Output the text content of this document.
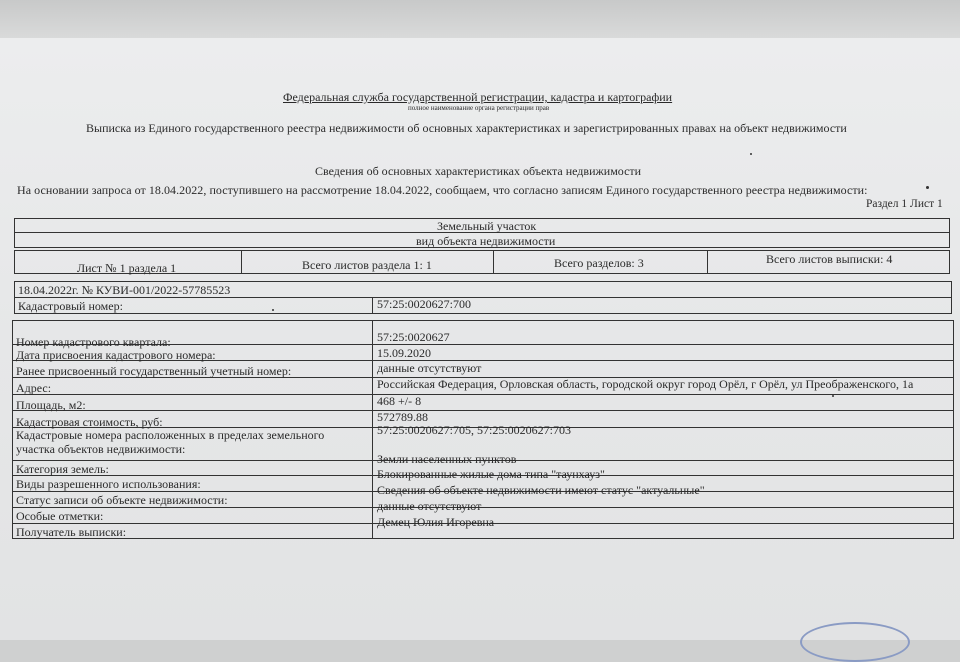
Федеральная служба государственной регистрации, кадастра и картографии
полное наименование органа регистрации прав
Выписка из Единого государственного реестра недвижимости об основных характеристиках и зарегистрированных правах на объект недвижимости
Сведения об основных характеристиках объекта недвижимости
На основании запроса от 18.04.2022, поступившего на рассмотрение 18.04.2022, сообщаем, что согласно записям Единого государственного реестра недвижимости:
Раздел 1 Лист 1
Земельный участок
вид объекта недвижимости
Лист № 1 раздела 1	Всего листов раздела 1: 1	Всего разделов: 3	Всего листов выписки: 4
18.04.2022г. № КУВИ-001/2022-57785523
Кадастровый номер:	57:25:0020627:700
Номер кадастрового квартала:	57:25:0020627
Дата присвоения кадастрового номера:	15.09.2020
Ранее присвоенный государственный учетный номер:	данные отсутствуют
Адрес:	Российская Федерация, Орловская область, городской округ город Орёл, г Орёл, ул Преображенского, 1а
Площадь, м2:	468 +/- 8
Кадастровая стоимость, руб:	572789.88
Кадастровые номера расположенных в пределах земельного
участка объектов недвижимости:
57:25:0020627:705, 57:25:0020627:703
Категория земель:
Земли населенных пунктов
Виды разрешенного использования:
Блокированные жилые дома типа "таунхауз"
Статус записи об объекте недвижимости:
Сведения об объекте недвижимости имеют статус "актуальные"
Особые отметки:
данные отсутствуют
Получатель выписки:
Демец Юлия Игоревна
